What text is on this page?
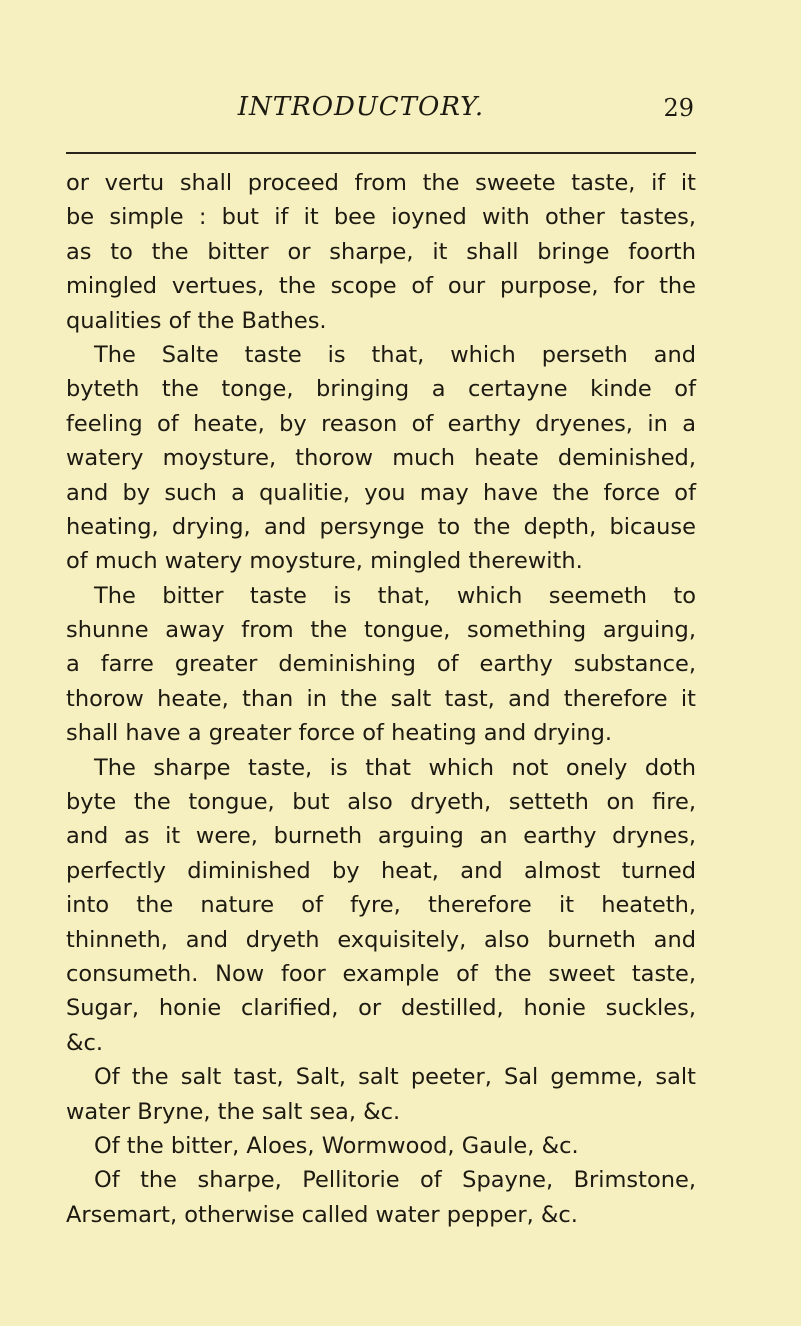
INTRODUCTORY.	29
or vertu shall proceed from the sweete taste, if it
be simple : but if it bee ioyned with other tastes,
as to the bitter or sharpe, it shall bringe foorth
mingled vertues, the scope of our purpose, for the
qualities of the Bathes.
The Salte taste is that, which perseth and
byteth the tonge, bringing a certayne kinde of
feeling of heate, by reason of earthy dryenes, in a
watery moysture, thorow much heate deminished,
and by such a qualitie, you may have the force of
heating, drying, and persynge to the depth, bicause
of much watery moysture, mingled therewith.
The bitter taste is that, which seemeth to
shunne away from the tongue, something arguing,
a farre greater deminishing of earthy substance,
thorow heate, than in the salt tast, and therefore it
shall have a greater force of heating and drying.
The sharpe taste, is that which not onely doth
byte the tongue, but also dryeth, setteth on fire,
and as it were, burneth arguing an earthy drynes,
perfectly diminished by heat, and almost turned
into the nature of fyre, therefore it heateth,
thinneth, and dryeth exquisitely, also burneth and
consumeth. Now foor example of the sweet taste,
Sugar, honie clarified, or destilled, honie suckles,
&c.
Of the salt tast, Salt, salt peeter, Sal gemme, salt
water Bryne, the salt sea, &c.
Of the bitter, Aloes, Wormwood, Gaule, &c.
Of the sharpe, Pellitorie of Spayne, Brimstone,
Arsemart, otherwise called water pepper, &c.
